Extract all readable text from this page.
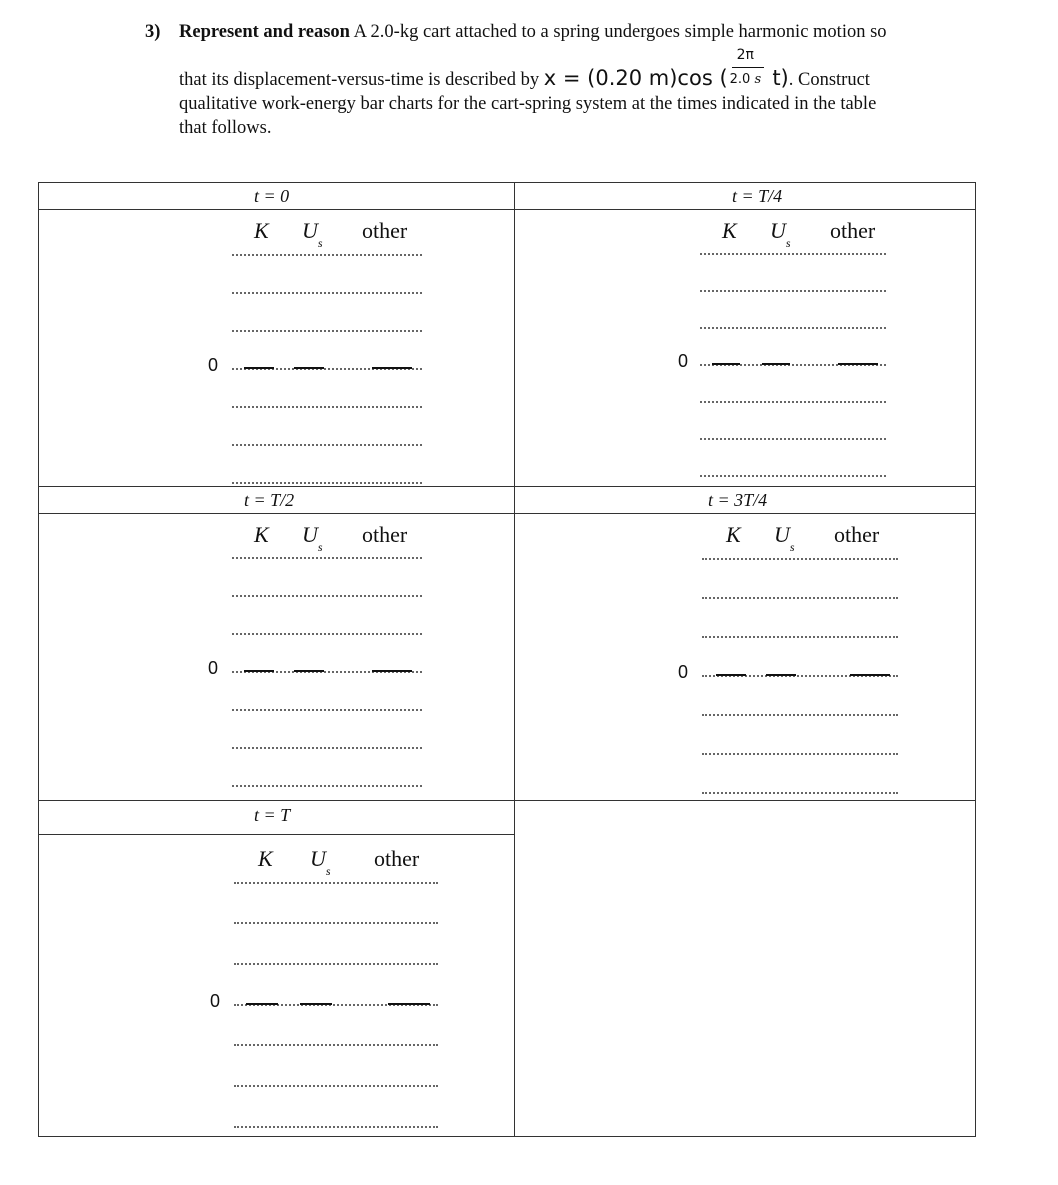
3) Represent and reason A 2.0-kg cart attached to a spring undergoes simple harmonic motion so
that its displacement-versus-time is described by x = (0.20 m)cos ( $\frac{2\pi}{2.0 s} t$). Construct
qualitative work-energy bar charts for the cart-spring system at the times indicated in the table
that follows.
t = 0
K $U_s$
other
0
t = T/4
K $U_s$
other
0
t = T/2
K $U_s$
other
0
t = 3T/4
K $U_s$
other
0
t = T
K $U_s$
other
0
